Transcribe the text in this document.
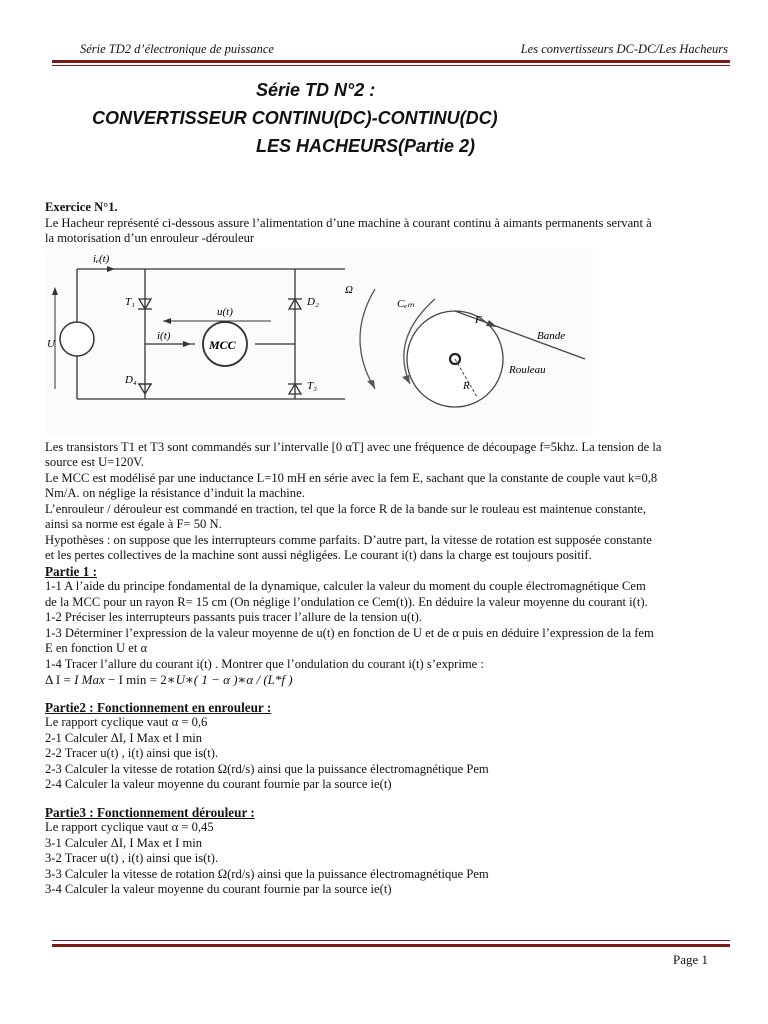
Série TD2 d’électronique de puissance	Les convertisseurs DC-DC/Les Hacheurs
Série TD N°2 :
CONVERTISSEUR CONTINU(DC)-CONTINU(DC)
LES HACHEURS(Partie 2)

Exercice N°1.

Le Hacheur représenté ci-dessous assure l’alimentation d’une machine à courant continu à aimants permanents servant à

la motorisation d’un enrouleur -dérouleur

U
iₑ(t)
T₁
D₄
D₂
T₃
MCC
u(t)
i(t)
Ω
Cₑₘ
R
Rouleau
F⃗
Bande

Les transistors T1 et T3 sont commandés sur l’intervalle [0 αT] avec une fréquence de découpage f=5khz. La tension de la

source est U=120V.

Le MCC est modélisé par une inductance L=10 mH en série avec la fem E, sachant que la constante de couple vaut k=0,8

Nm/A. on néglige la résistance d’induit la machine.

L’enrouleur / dérouleur est commandé en traction, tel que la force R de la bande sur le rouleau est maintenue constante,

ainsi sa norme est égale à F= 50 N.

Hypothèses : on suppose que les interrupteurs comme parfaits. D’autre part, la vitesse de rotation est supposée constante

et les pertes collectives de la machine sont aussi négligées. Le courant i(t) dans la charge est toujours positif.

Partie 1 :

1-1 A l’aide du principe fondamental de la dynamique, calculer la valeur du moment du couple électromagnétique Cem

de la MCC pour un rayon R= 15 cm (On néglige l’ondulation ce Cem(t)). En déduire la valeur moyenne du courant i(t).

1-2 Préciser les interrupteurs passants puis tracer l’allure de la tension u(t).

1-3 Déterminer l’expression de la valeur moyenne de u(t) en fonction de U et de α puis en déduire l’expression de la fem

E en fonction U et α

1-4 Tracer l’allure du courant i(t) . Montrer que l’ondulation du courant i(t) s’exprime :

Δ I = I Max − I min = 2∗U∗( 1 − α )∗α / (L*f )

Partie2 : Fonctionnement en enrouleur :

Le rapport cyclique vaut α = 0,6

2-1 Calculer ΔI, I Max et I min

2-2 Tracer u(t) , i(t) ainsi que is(t).

2-3 Calculer la vitesse de rotation Ω(rd/s) ainsi que la puissance électromagnétique Pem

2-4 Calculer la valeur moyenne du courant fournie par la source ie(t)

Partie3 : Fonctionnement dérouleur :

Le rapport cyclique vaut α = 0,45

3-1 Calculer ΔI, I Max et I min

3-2 Tracer u(t) , i(t) ainsi que is(t).

3-3 Calculer la vitesse de rotation Ω(rd/s) ainsi que la puissance électromagnétique Pem

3-4 Calculer la valeur moyenne du courant fournie par la source ie(t)

Page 1
